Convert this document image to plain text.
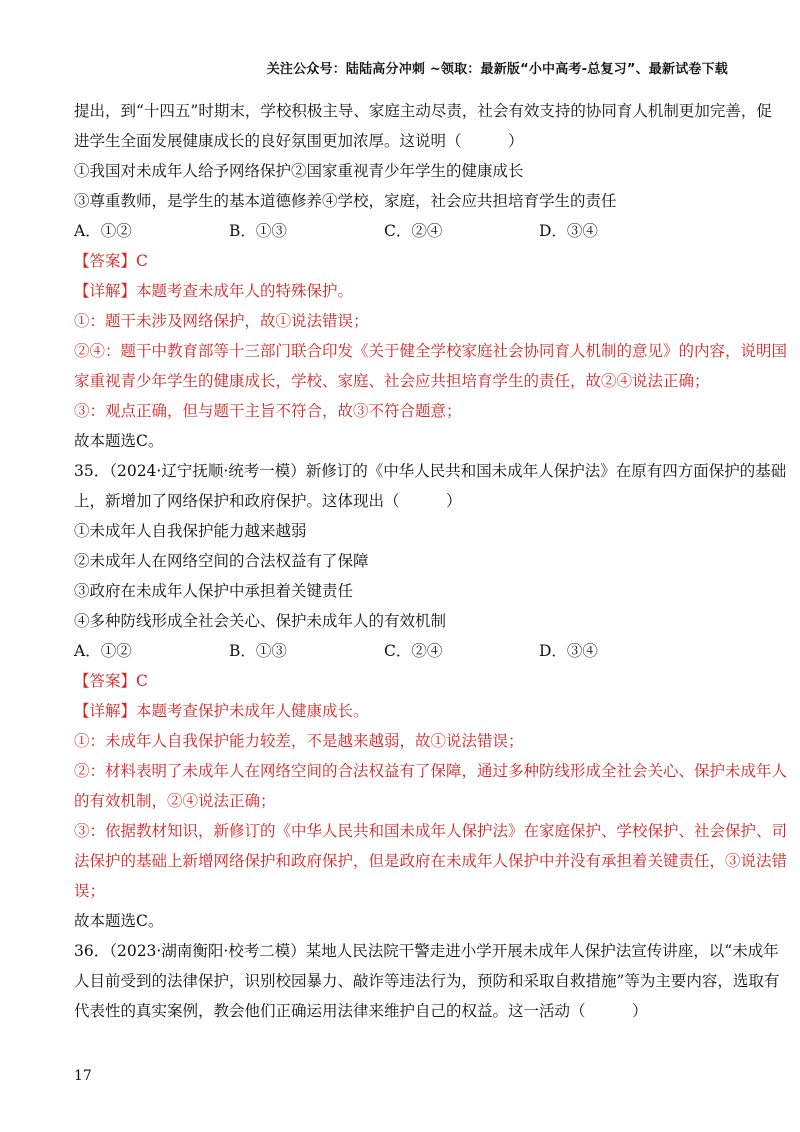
关注公众号：陆陆高分冲刺 ~领取：最新版“小中高考-总复习”、最新试卷下载
提出，到“十四五”时期末，学校积极主导、家庭主动尽责，社会有效支持的协同育人机制更加完善，促
进学生全面发展健康成长的良好氛围更加浓厚。这说明（　　　）
①我国对未成年人给予网络保护②国家重视青少年学生的健康成长
③尊重教师，是学生的基本道德修养④学校，家庭，社会应共担培育学生的责任
A．①②	B．①③	C．②④	D．③④
【答案】C
【详解】本题考查未成年人的特殊保护。
①：题干未涉及网络保护，故①说法错误；
②④：题干中教育部等十三部门联合印发《关于健全学校家庭社会协同育人机制的意见》的内容，说明国
家重视青少年学生的健康成长，学校、家庭、社会应共担培育学生的责任，故②④说法正确；
③：观点正确，但与题干主旨不符合，故③不符合题意；
故本题选C。
35．（2024·辽宁抚顺·统考一模）新修订的《中华人民共和国未成年人保护法》在原有四方面保护的基础
上，新增加了网络保护和政府保护。这体现出（　　　）
①未成年人自我保护能力越来越弱
②未成年人在网络空间的合法权益有了保障
③政府在未成年人保护中承担着关键责任
④多种防线形成全社会关心、保护未成年人的有效机制
A．①②	B．①③	C．②④	D．③④
【答案】C
【详解】本题考查保护未成年人健康成长。
①：未成年人自我保护能力较差，不是越来越弱，故①说法错误；
②：材料表明了未成年人在网络空间的合法权益有了保障，通过多种防线形成全社会关心、保护未成年人
的有效机制，②④说法正确；
③：依据教材知识，新修订的《中华人民共和国未成年人保护法》在家庭保护、学校保护、社会保护、司
法保护的基础上新增网络保护和政府保护，但是政府在未成年人保护中并没有承担着关键责任，③说法错
误；
故本题选C。
36．（2023·湖南衡阳·校考二模）某地人民法院干警走进小学开展未成年人保护法宣传讲座，以“未成年
人目前受到的法律保护，识别校园暴力、敲诈等违法行为，预防和采取自救措施”等为主要内容，选取有
代表性的真实案例，教会他们正确运用法律来维护自己的权益。这一活动（　　　）
17
